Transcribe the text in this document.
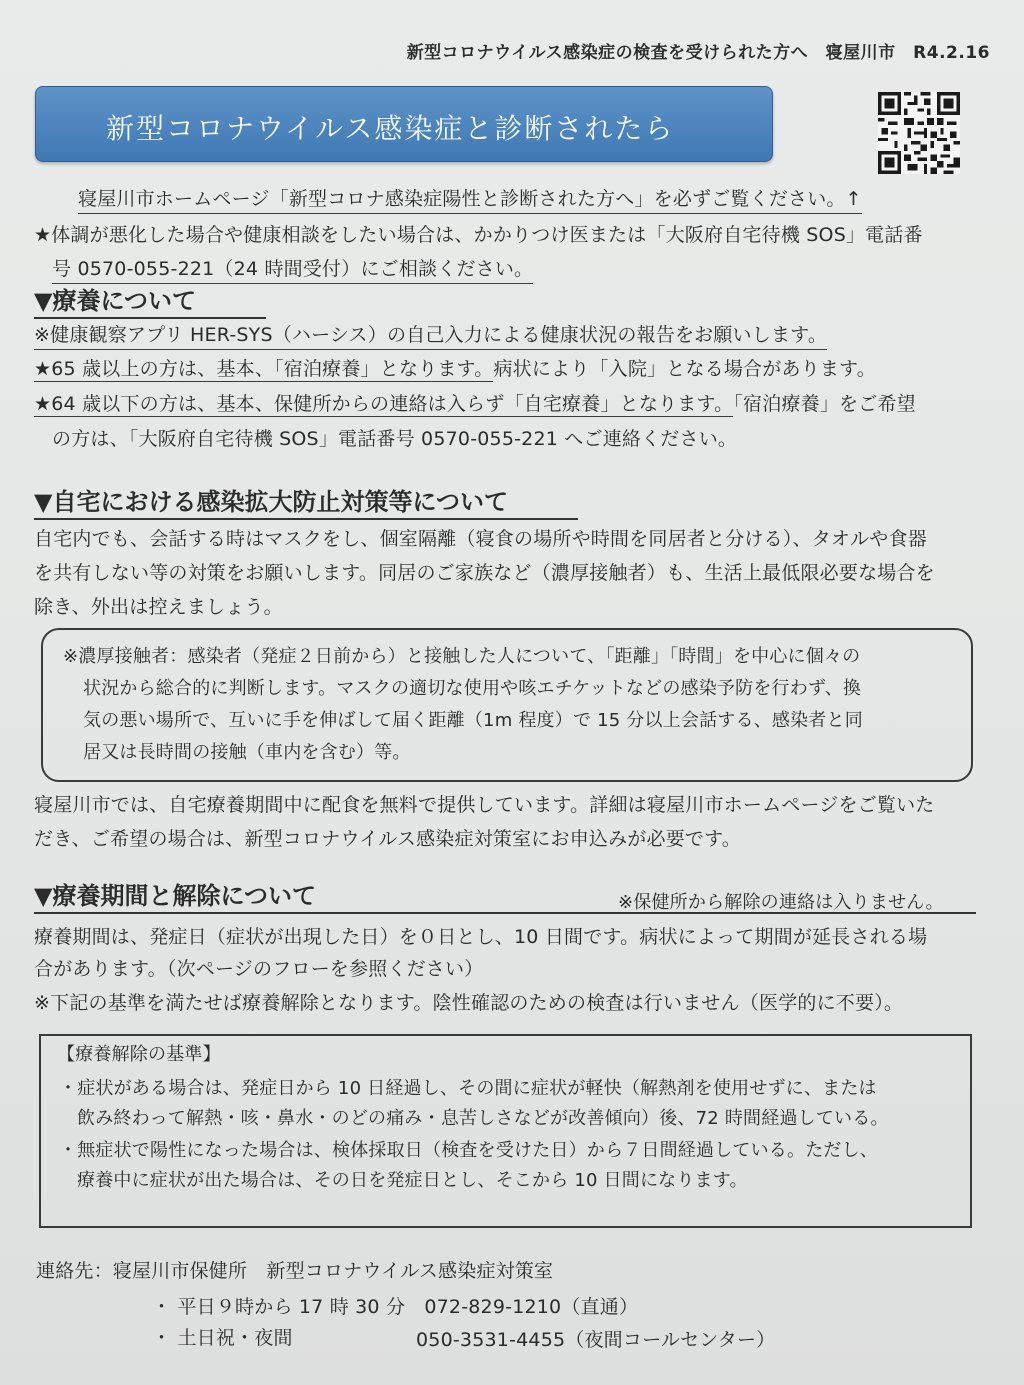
新型コロナウイルス感染症の検査を受けられた方へ　寝屋川市　R4.2.16
新型コロナウイルス感染症と診断されたら
寝屋川市ホームページ「新型コロナ感染症陽性と診断された方へ」を必ずご覧ください。↑
★体調が悪化した場合や健康相談をしたい場合は、かかりつけ医または「大阪府自宅待機 SOS」電話番
号 0570-055-221（24 時間受付）にご相談ください。
▼療養について
※健康観察アプリ HER-SYS（ハーシス）の自己入力による健康状況の報告をお願いします。
★65 歳以上の方は、基本、「宿泊療養」となります。病状により「入院」となる場合があります。
★64 歳以下の方は、基本、保健所からの連絡は入らず「自宅療養」となります。「宿泊療養」をご希望
の方は、「大阪府自宅待機 SOS」電話番号 0570-055-221 へご連絡ください。
▼自宅における感染拡大防止対策等について
自宅内でも、会話する時はマスクをし、個室隔離（寝食の場所や時間を同居者と分ける）、タオルや食器
を共有しない等の対策をお願いします。同居のご家族など（濃厚接触者）も、生活上最低限必要な場合を
除き、外出は控えましょう。
※濃厚接触者：感染者（発症２日前から）と接触した人について、「距離」「時間」を中心に個々の
状況から総合的に判断します。マスクの適切な使用や咳エチケットなどの感染予防を行わず、換
気の悪い場所で、互いに手を伸ばして届く距離（1m 程度）で 15 分以上会話する、感染者と同
居又は長時間の接触（車内を含む）等。
寝屋川市では、自宅療養期間中に配食を無料で提供しています。詳細は寝屋川市ホームページをご覧いた
だき、ご希望の場合は、新型コロナウイルス感染症対策室にお申込みが必要です。
▼療養期間と解除について	※保健所から解除の連絡は入りません。
療養期間は、発症日（症状が出現した日）を０日とし、10 日間です。病状によって期間が延長される場
合があります。（次ページのフローを参照ください）
※下記の基準を満たせば療養解除となります。陰性確認のための検査は行いません（医学的に不要）。
【療養解除の基準】
・症状がある場合は、発症日から 10 日経過し、その間に症状が軽快（解熱剤を使用せずに、または
飲み終わって解熱・咳・鼻水・のどの痛み・息苦しさなどが改善傾向）後、72 時間経過している。
・無症状で陽性になった場合は、検体採取日（検査を受けた日）から７日間経過している。ただし、
療養中に症状が出た場合は、その日を発症日とし、そこから 10 日間になります。
連絡先：寝屋川市保健所　新型コロナウイルス感染症対策室
・ 平日９時から 17 時 30 分　072-829-1210（直通）
・ 土日祝・夜間	050-3531-4455（夜間コールセンター）
